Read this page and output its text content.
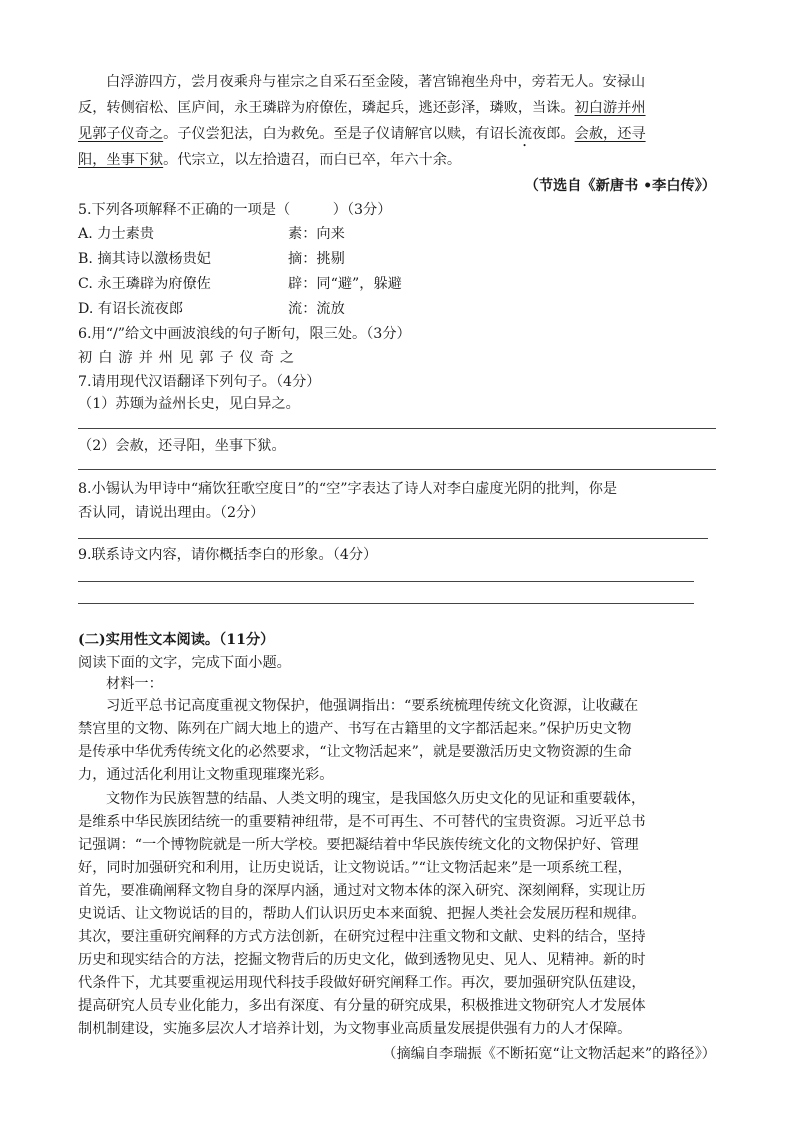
白浮游四方，尝月夜乘舟与崔宗之自采石至金陵，著宫锦袍坐舟中，旁若无人。安禄山
反，转侧宿松、匡庐间，永王璘辟为府僚佐，璘起兵，逃还彭泽，璘败，当诛。初白游并州
见郭子仪奇之。子仪尝犯法，白为救免。至是子仪请解官以赎，有诏长流夜郎。会赦，还寻
阳，坐事下狱。代宗立，以左拾遗召，而白已卒，年六十余。
（节选自《新唐书 •李白传》）
5.下列各项解释不正确的一项是（　　　）（3分）
A. 力士素贵	素：向来
B. 摘其诗以激杨贵妃	摘：挑剔
C. 永王璘辟为府僚佐	辟：同“避”，躲避
D. 有诏长流夜郎	流：流放
6.用“/”给文中画波浪线的句子断句，限三处。（3分）
初白游并州见郭子仪奇之
7.请用现代汉语翻译下列句子。（4分）
（1）苏颋为益州长史，见白异之。
（2）会赦，还寻阳，坐事下狱。
8.小锡认为甲诗中“痛饮狂歌空度日”的“空”字表达了诗人对李白虚度光阴的批判，你是
否认同，请说出理由。（2分）
9.联系诗文内容，请你概括李白的形象。（4分）
(二)实用性文本阅读。（11分）
阅读下面的文字，完成下面小题。
材料一：
习近平总书记高度重视文物保护，他强调指出：“要系统梳理传统文化资源，让收藏在
禁宫里的文物、陈列在广阔大地上的遗产、书写在古籍里的文字都活起来。”保护历史文物
是传承中华优秀传统文化的必然要求，“让文物活起来”，就是要激活历史文物资源的生命
力，通过活化利用让文物重现璀璨光彩。
文物作为民族智慧的结晶、人类文明的瑰宝，是我国悠久历史文化的见证和重要载体，
是维系中华民族团结统一的重要精神纽带，是不可再生、不可替代的宝贵资源。习近平总书
记强调：“一个博物院就是一所大学校。要把凝结着中华民族传统文化的文物保护好、管理
好，同时加强研究和利用，让历史说话，让文物说话。”“让文物活起来”是一项系统工程，
首先，要准确阐释文物自身的深厚内涵，通过对文物本体的深入研究、深刻阐释，实现让历
史说话、让文物说话的目的，帮助人们认识历史本来面貌、把握人类社会发展历程和规律。
其次，要注重研究阐释的方式方法创新，在研究过程中注重文物和文献、史料的结合，坚持
历史和现实结合的方法，挖掘文物背后的历史文化，做到透物见史、见人、见精神。新的时
代条件下，尤其要重视运用现代科技手段做好研究阐释工作。再次，要加强研究队伍建设，
提高研究人员专业化能力，多出有深度、有分量的研究成果，积极推进文物研究人才发展体
制机制建设，实施多层次人才培养计划，为文物事业高质量发展提供强有力的人才保障。
（摘编自李瑞振《不断拓宽“让文物活起来”的路径》）
